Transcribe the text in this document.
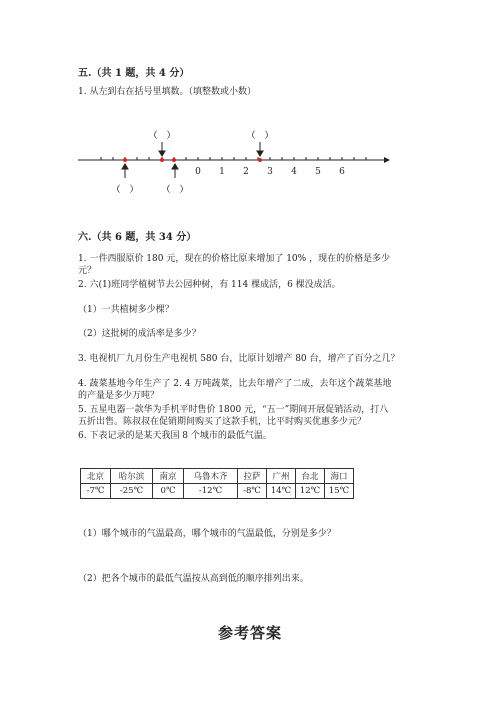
五.（共 1 题，共 4 分）
1. 从左到右在括号里填数。（填整数或小数）
（　）	（　）
（　）	（　）
0 1 2 3 4 5 6
六.（共 6 题，共 34 分）
1. 一件西服原价 180 元，现在的价格比原来增加了 10% ，现在的价格是多少
元？
2. 六(1)班同学植树节去公园种树，有 114 棵成活，6 棵没成活。
（1）一共植树多少棵？
（2）这批树的成活率是多少？
3. 电视机厂九月份生产电视机 580 台，比原计划增产 80 台，增产了百分之几？
4. 蔬菜基地今年生产了 2. 4 万吨蔬菜，比去年增产了二成，去年这个蔬菜基地
的产量是多少万吨？
5. 五星电器一款华为手机平时售价 1800 元，“五一”期间开展促销活动，打八
五折出售。陈叔叔在促销期间购买了这款手机，比平时购买优惠多少元？
6. 下表记录的是某天我国 8 个城市的最低气温。
北京	哈尔滨	南京	乌鲁木齐	拉萨	广州	台北	海口
-7℃	-25℃	0℃	-12℃	-8℃	14℃	12℃	15℃
（1）哪个城市的气温最高，哪个城市的气温最低，分别是多少？
（2）把各个城市的最低气温按从高到低的顺序排列出来。
参考答案
